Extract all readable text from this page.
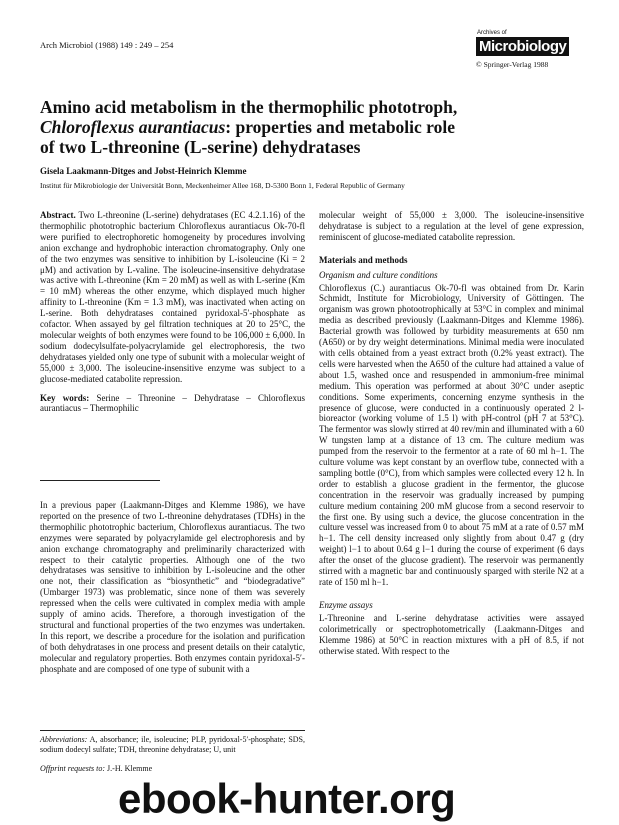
Arch Microbiol (1988) 149 : 249 – 254
Archives of
Microbiology
© Springer-Verlag 1988
Amino acid metabolism in the thermophilic phototroph,
Chloroflexus aurantiacus: properties and metabolic role
of two L-threonine (L-serine) dehydratases
Gisela Laakmann-Ditges and Jobst-Heinrich Klemme
Institut für Mikrobiologie der Universität Bonn, Meckenheimer Allee 168, D-5300 Bonn 1, Federal Republic of Germany

Abstract. Two L-threonine (L-serine) dehydratases (EC 4.2.1.16) of the thermophilic phototrophic bacterium Chloroflexus aurantiacus Ok-70-fl were purified to electrophoretic homogeneity by procedures involving anion exchange and hydrophobic interaction chromatography. Only one of the two enzymes was sensitive to inhibition by L-isoleucine (Ki = 2 μM) and activation by L-valine. The isoleucine-insensitive dehydratase was active with L-threonine (Km = 20 mM) as well as with L-serine (Km = 10 mM) whereas the other enzyme, which displayed much higher affinity to L-threonine (Km = 1.3 mM), was inactivated when acting on L-serine. Both dehydratases contained pyridoxal-5′-phosphate as cofactor. When assayed by gel filtration techniques at 20 to 25°C, the molecular weights of both enzymes were found to be 106,000 ± 6,000. In sodium dodecylsulfate-polyacrylamide gel electrophoresis, the two dehydratases yielded only one type of subunit with a molecular weight of 55,000 ± 3,000. The isoleucine-insensitive enzyme was subject to a glucose-mediated catabolite repression.

Key words: Serine – Threonine – Dehydratase – Chloroflexus aurantiacus – Thermophilic

In a previous paper (Laakmann-Ditges and Klemme 1986), we have reported on the presence of two L-threonine dehydratases (TDHs) in the thermophilic phototrophic bacterium, Chloroflexus aurantiacus. The two enzymes were separated by polyacrylamide gel electrophoresis and by anion exchange chromatography and preliminarily characterized with respect to their catalytic properties. Although one of the two dehydratases was sensitive to inhibition by L-isoleucine and the other one not, their classification as “biosynthetic” and “biodegradative” (Umbarger 1973) was problematic, since none of them was severely repressed when the cells were cultivated in complex media with ample supply of amino acids. Therefore, a thorough investigation of the structural and functional properties of the two enzymes was undertaken. In this report, we describe a procedure for the isolation and purification of both dehydratases in one process and present details on their catalytic, molecular and regulatory properties. Both enzymes contain pyridoxal-5′-phosphate and are composed of one type of subunit with a

Abbreviations: A, absorbance; ile, isoleucine; PLP, pyridoxal-5′-phosphate; SDS, sodium dodecyl sulfate; TDH, threonine dehydratase; U, unit
Offprint requests to: J.-H. Klemme

molecular weight of 55,000 ± 3,000. The isoleucine-insensitive dehydratase is subject to a regulation at the level of gene expression, reminiscent of glucose-mediated catabolite repression.

Materials and methods
Organism and culture conditions

Chloroflexus (C.) aurantiacus Ok-70-fl was obtained from Dr. Karin Schmidt, Institute for Microbiology, University of Göttingen. The organism was grown photootrophically at 53°C in complex and minimal media as described previously (Laakmann-Ditges and Klemme 1986). Bacterial growth was followed by turbidity measurements at 650 nm (A650) or by dry weight determinations. Minimal media were inoculated with cells obtained from a yeast extract broth (0.2% yeast extract). The cells were harvested when the A650 of the culture had attained a value of about 1.5, washed once and resuspended in ammonium-free minimal medium. This operation was performed at about 30°C under aseptic conditions. Some experiments, concerning enzyme synthesis in the presence of glucose, were conducted in a continuously operated 2 l-bioreactor (working volume of 1.5 l) with pH-control (pH 7 at 53°C). The fermentor was slowly stirred at 40 rev/min and illuminated with a 60 W tungsten lamp at a distance of 13 cm. The culture medium was pumped from the reservoir to the fermentor at a rate of 60 ml h−1. The culture volume was kept constant by an overflow tube, connected with a sampling bottle (0°C), from which samples were collected every 12 h. In order to establish a glucose gradient in the fermentor, the glucose concentration in the reservoir was gradually increased by pumping culture medium containing 200 mM glucose from a second reservoir to the first one. By using such a device, the glucose concentration in the culture vessel was increased from 0 to about 75 mM at a rate of 0.57 mM h−1. The cell density increased only slightly from about 0.47 g (dry weight) l−1 to about 0.64 g l−1 during the course of experiment (6 days after the onset of the glucose gradient). The reservoir was permanently stirred with a magnetic bar and continuously sparged with sterile N2 at a rate of 150 ml h−1.

Enzyme assays

L-Threonine and L-serine dehydratase activities were assayed colorimetrically or spectrophotometrically (Laakmann-Ditges and Klemme 1986) at 50°C in reaction mixtures with a pH of 8.5, if not otherwise stated. With respect to the

ebook-hunter.org
